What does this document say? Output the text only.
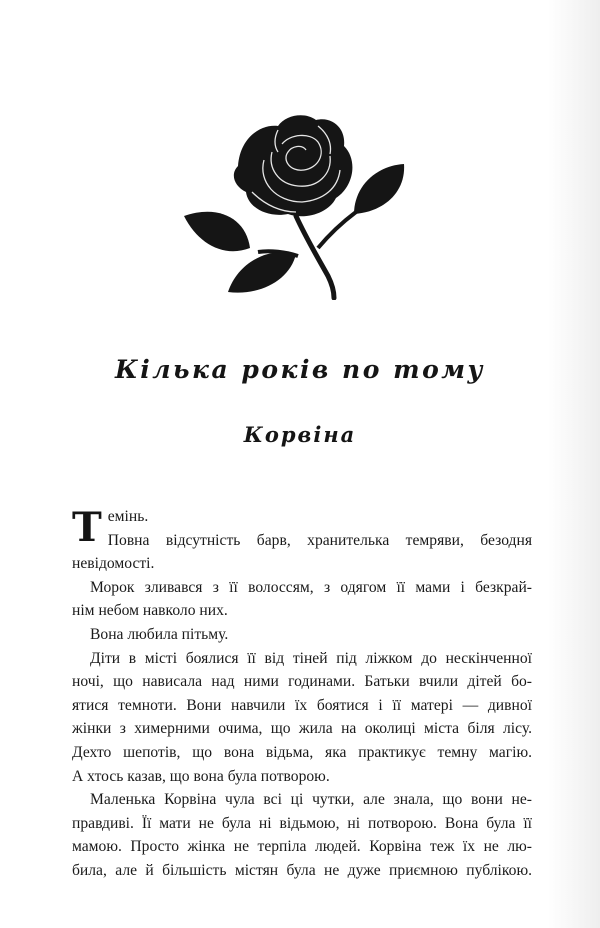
Кілька років по тому
Корвіна
Т емінь.
Повна відсутність барв, хранителька темряви, безодня
невідомості.
Морок зливався з її волоссям, з одягом її мами і безкрай-
нім небом навколо них.
Вона любила пітьму.
Діти в місті боялися її від тіней під ліжком до нескінченної
ночі, що нависала над ними годинами. Батьки вчили дітей бо-
ятися темноти. Вони навчили їх боятися і її матері — дивної
жінки з химерними очима, що жила на околиці міста біля лісу.
Дехто шепотів, що вона відьма, яка практикує темну магію.
А хтось казав, що вона була потворою.
Маленька Корвіна чула всі ці чутки, але знала, що вони не-
правдиві. Її мати не була ні відьмою, ні потворою. Вона була її
мамою. Просто жінка не терпіла людей. Корвіна теж їх не лю-
била, але й більшість містян була не дуже приємною публікою.
